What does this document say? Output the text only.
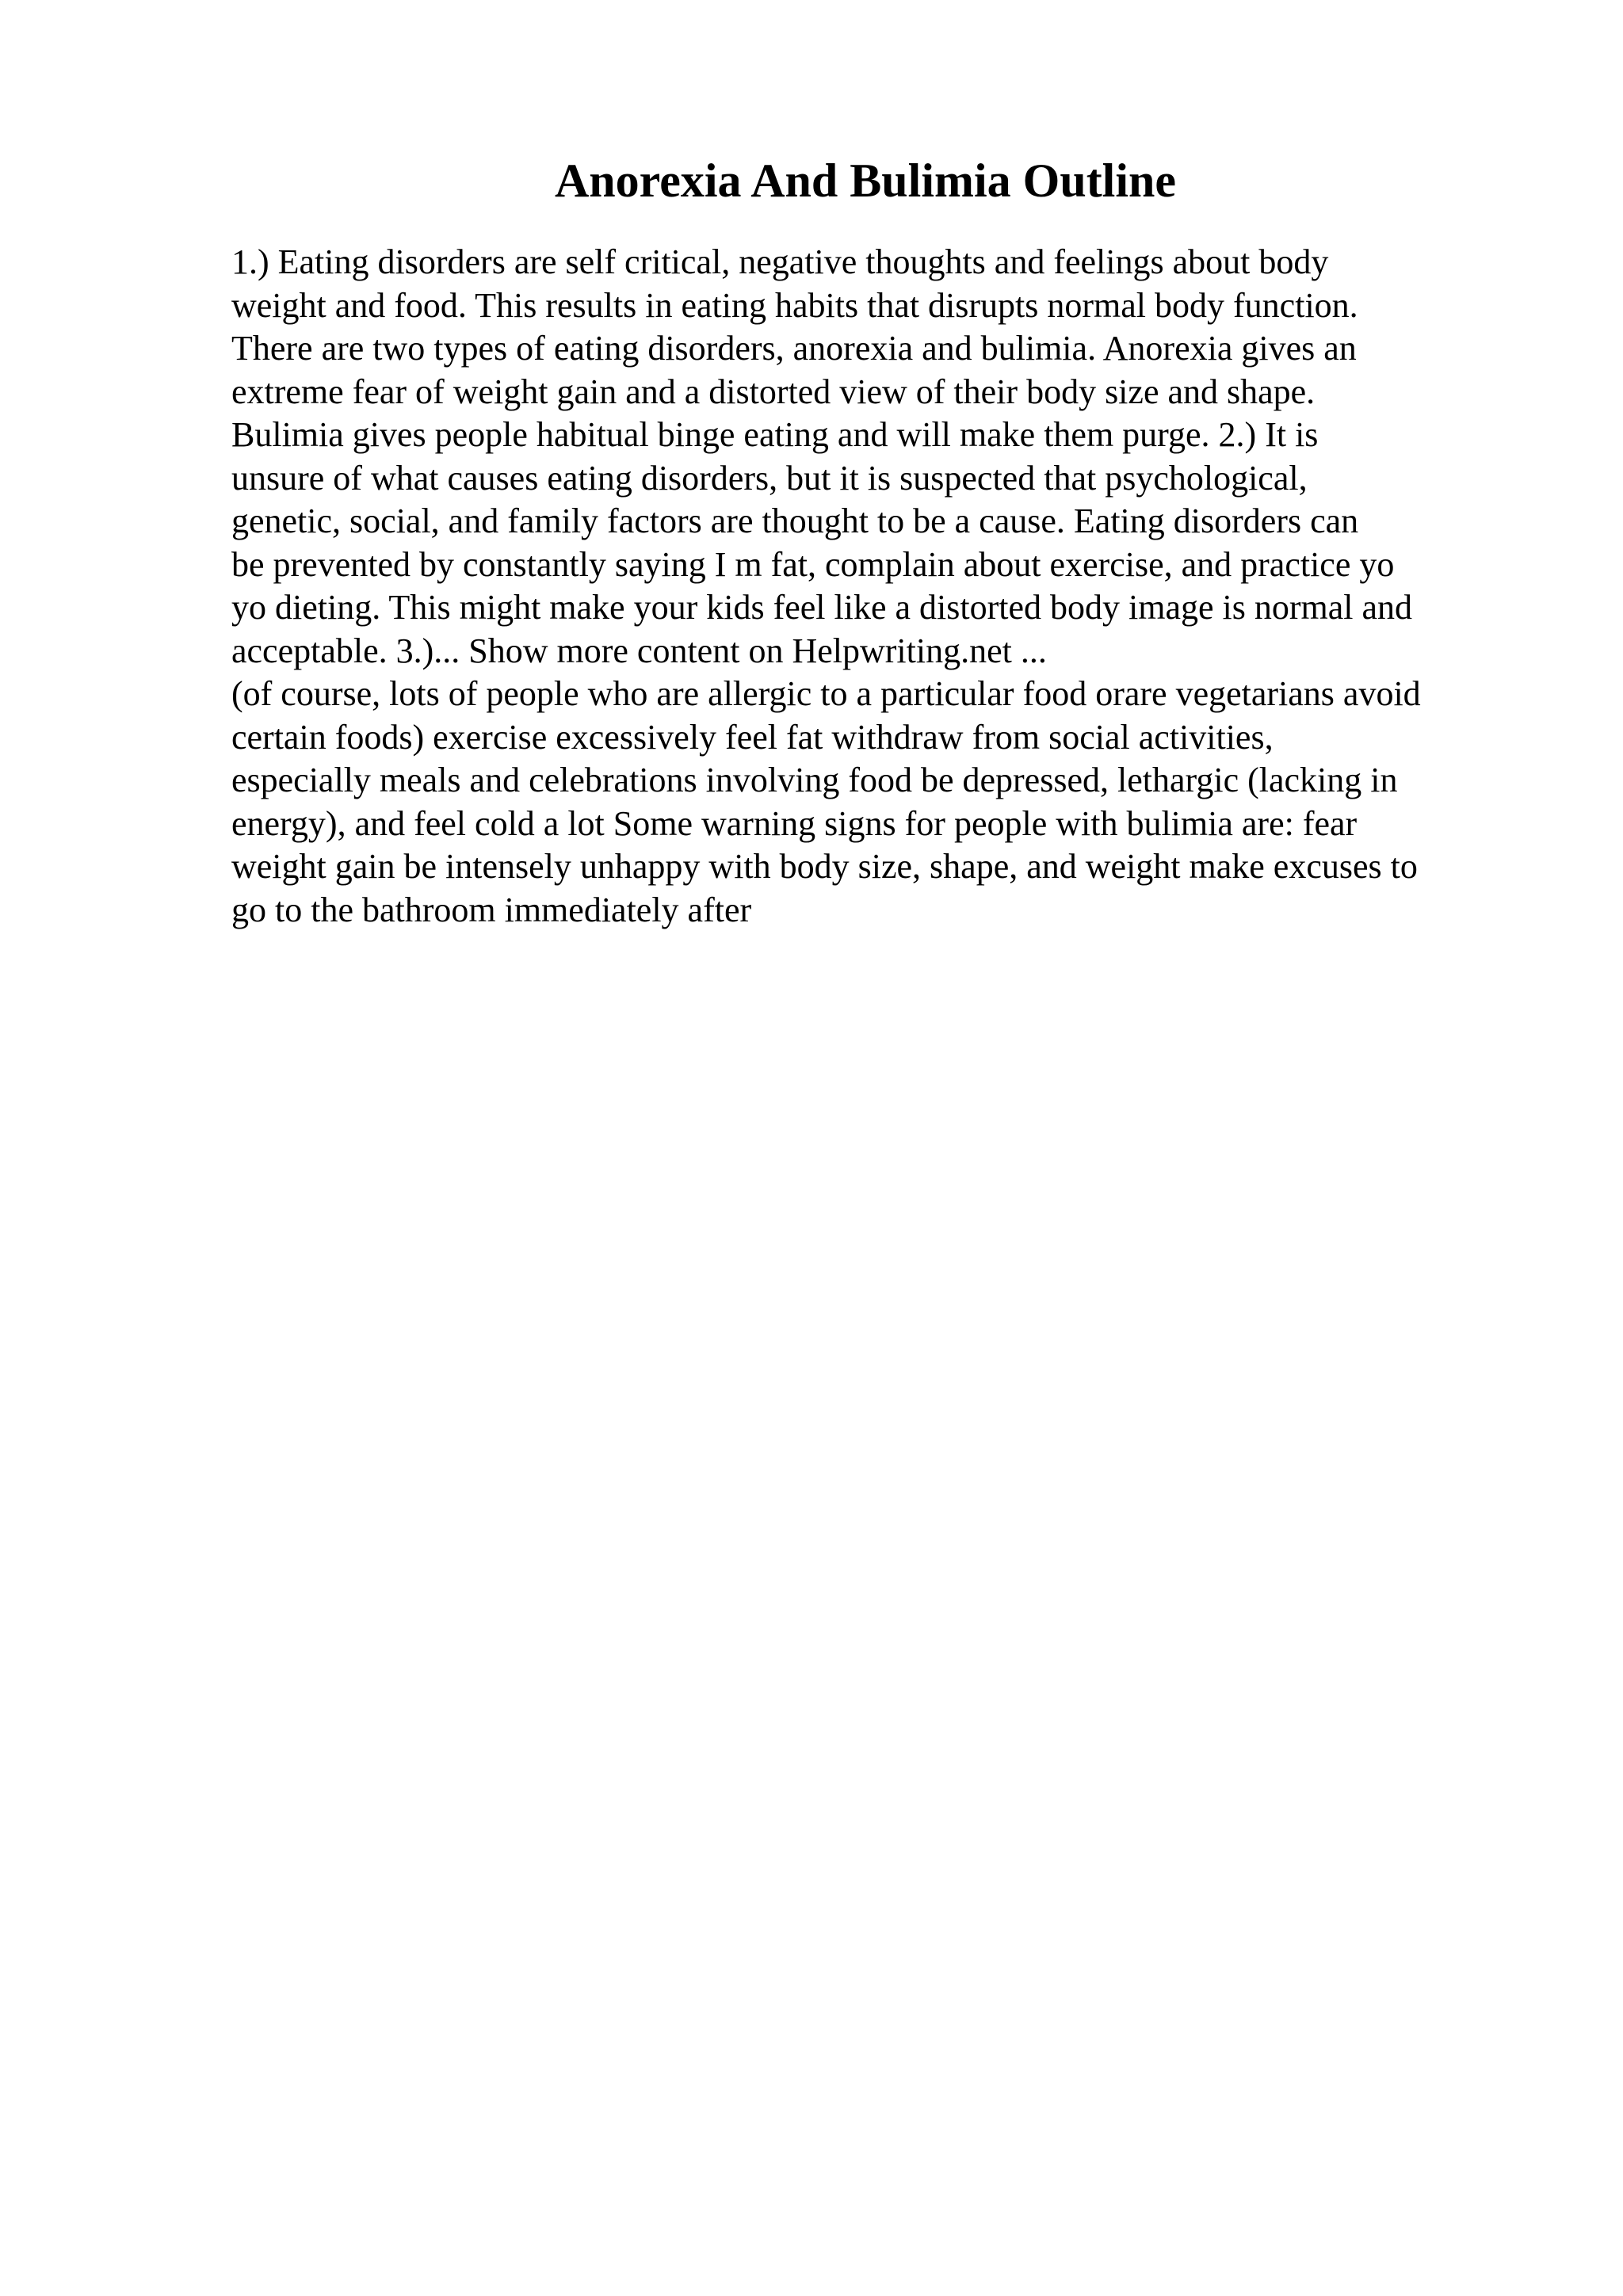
Anorexia And Bulimia Outline
1.) Eating disorders are self critical, negative thoughts and feelings about body
weight and food. This results in eating habits that disrupts normal body function.
There are two types of eating disorders, anorexia and bulimia. Anorexia gives an
extreme fear of weight gain and a distorted view of their body size and shape.
Bulimia gives people habitual binge eating and will make them purge. 2.) It is
unsure of what causes eating disorders, but it is suspected that psychological,
genetic, social, and family factors are thought to be a cause. Eating disorders can
be prevented by constantly saying I m fat, complain about exercise, and practice yo
yo dieting. This might make your kids feel like a distorted body image is normal and
acceptable. 3.)... Show more content on Helpwriting.net ...
(of course, lots of people who are allergic to a particular food orare vegetarians avoid
certain foods) exercise excessively feel fat withdraw from social activities,
especially meals and celebrations involving food be depressed, lethargic (lacking in
energy), and feel cold a lot Some warning signs for people with bulimia are: fear
weight gain be intensely unhappy with body size, shape, and weight make excuses to
go to the bathroom immediately after
